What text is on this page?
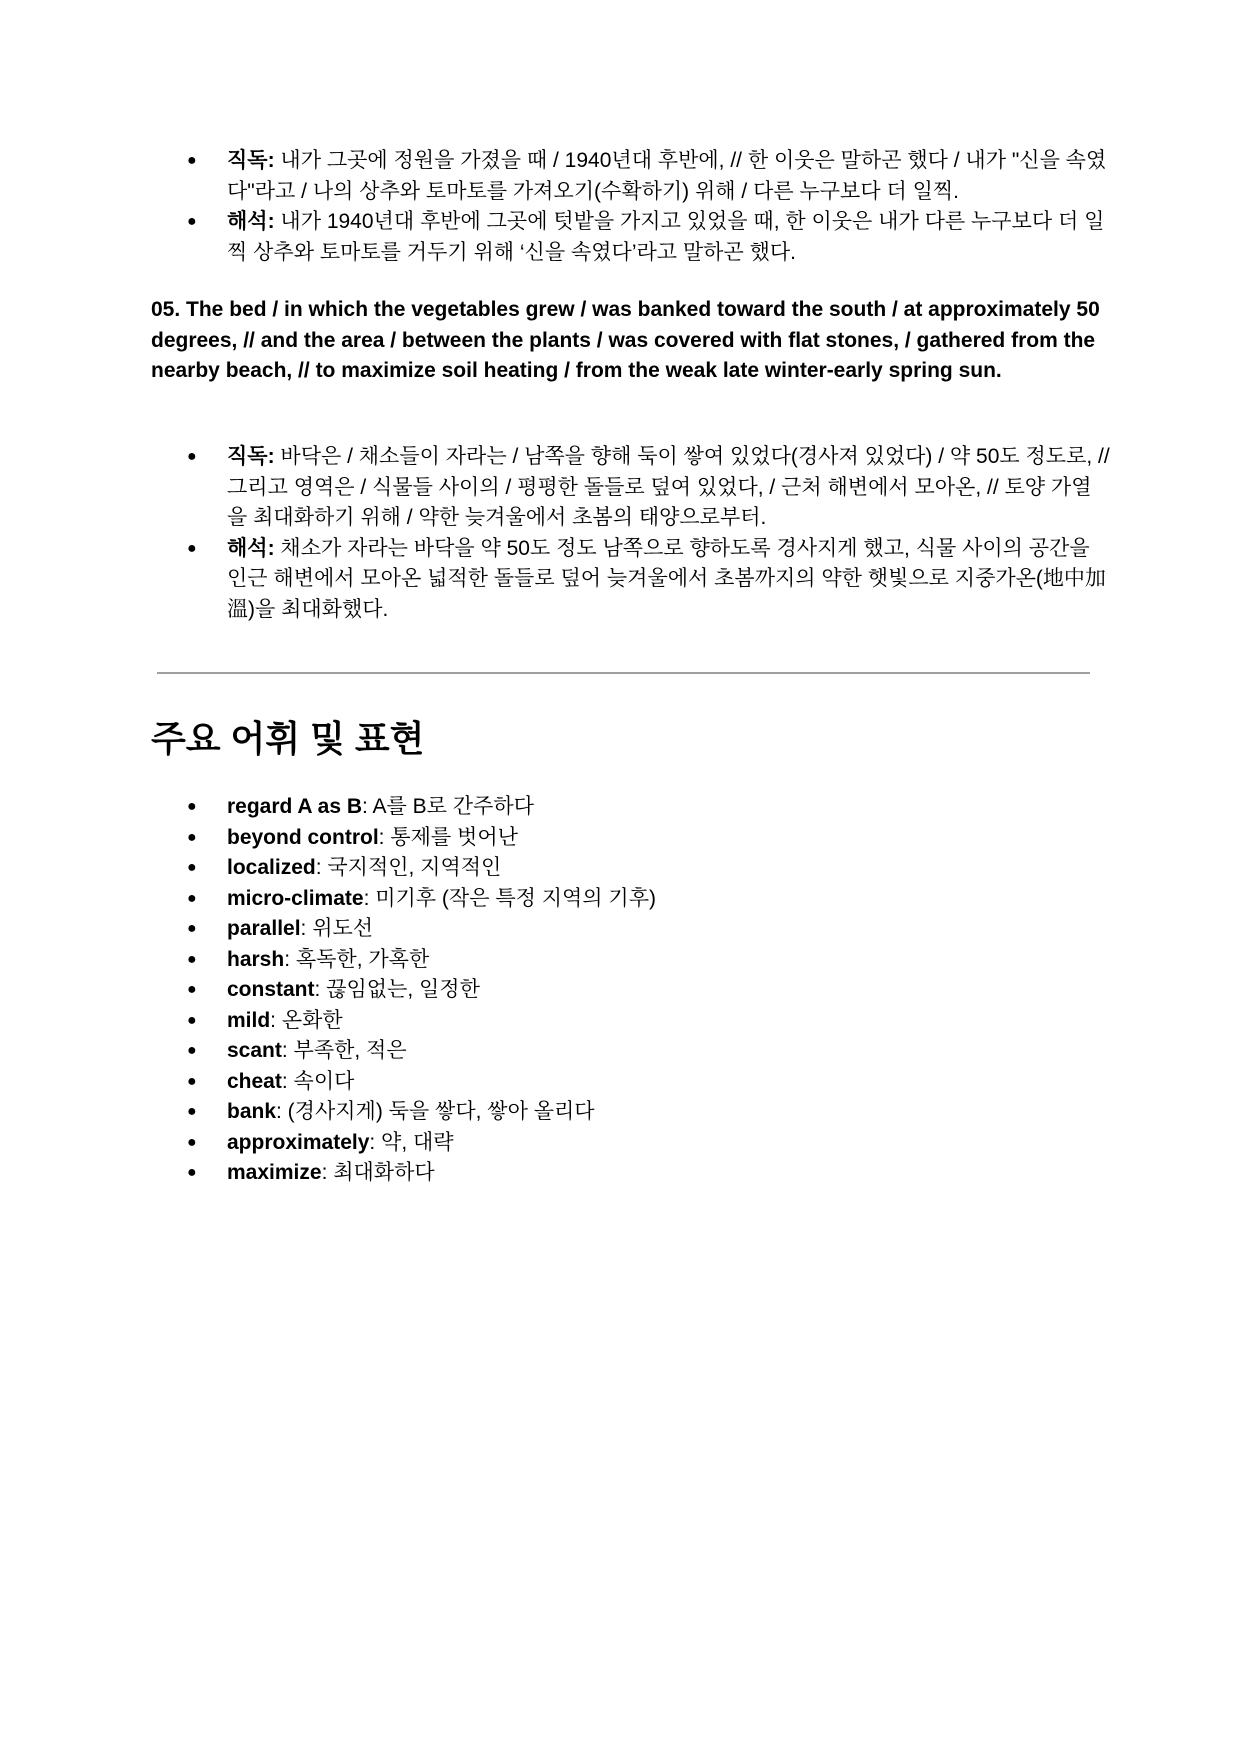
● 직독: 내가 그곳에 정원을 가졌을 때 / 1940년대 후반에, // 한 이웃은 말하곤 했다 / 내가 "신을 속였다"라고 / 나의 상추와 토마토를 가져오기(수확하기) 위해 / 다른 누구보다 더 일찍.
● 해석: 내가 1940년대 후반에 그곳에 텃밭을 가지고 있었을 때, 한 이웃은 내가 다른 누구보다 더 일찍 상추와 토마토를 거두기 위해 ‘신을 속였다’라고 말하곤 했다.
05. The bed / in which the vegetables grew / was banked toward the south / at approximately 50 degrees, // and the area / between the plants / was covered with flat stones, / gathered from the nearby beach, // to maximize soil heating / from the weak late winter-early spring sun.
● 직독: 바닥은 / 채소들이 자라는 / 남쪽을 향해 둑이 쌓여 있었다(경사져 있었다) / 약 50도 정도로, // 그리고 영역은 / 식물들 사이의 / 평평한 돌들로 덮여 있었다, / 근처 해변에서 모아온, // 토양 가열을 최대화하기 위해 / 약한 늦겨울에서 초봄의 태양으로부터.
● 해석: 채소가 자라는 바닥을 약 50도 정도 남쪽으로 향하도록 경사지게 했고, 식물 사이의 공간을 인근 해변에서 모아온 넓적한 돌들로 덮어 늦겨울에서 초봄까지의 약한 햇빛으로 지중가온(地中加溫)을 최대화했다.
주요 어휘 및 표현
● regard A as B: A를 B로 간주하다
● beyond control: 통제를 벗어난
● localized: 국지적인, 지역적인
● micro-climate: 미기후 (작은 특정 지역의 기후)
● parallel: 위도선
● harsh: 혹독한, 가혹한
● constant: 끊임없는, 일정한
● mild: 온화한
● scant: 부족한, 적은
● cheat: 속이다
● bank: (경사지게) 둑을 쌓다, 쌓아 올리다
● approximately: 약, 대략
● maximize: 최대화하다
